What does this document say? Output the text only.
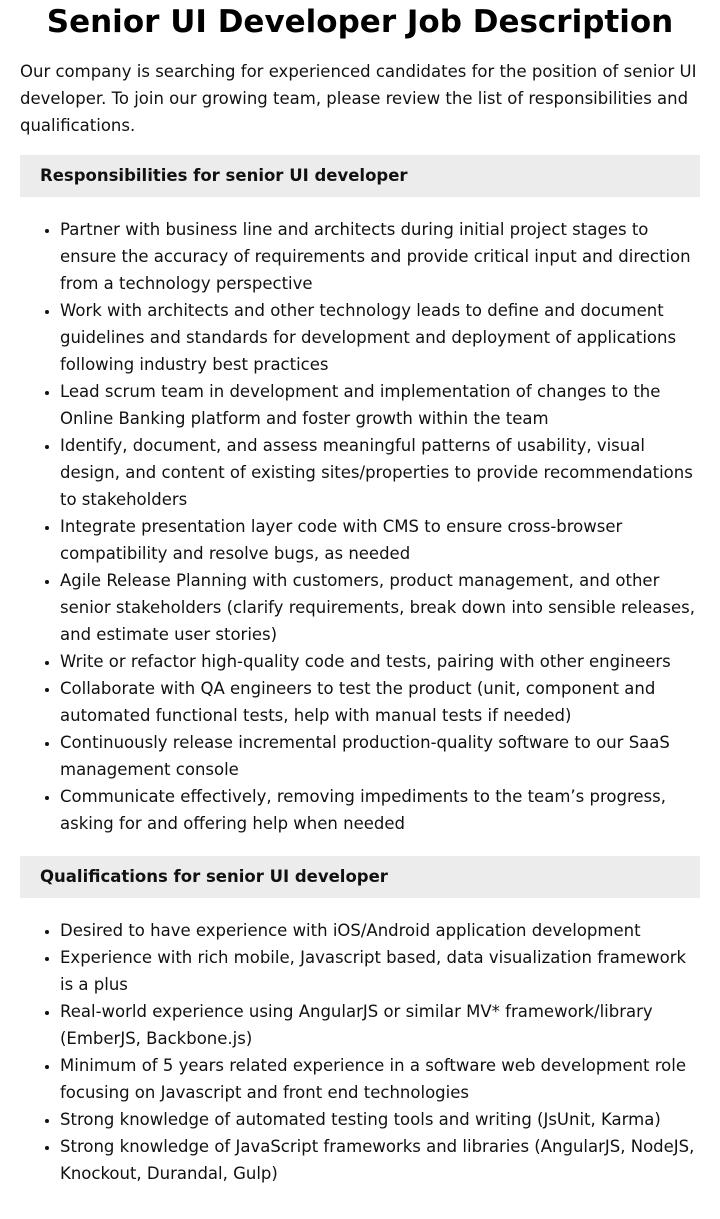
Senior UI Developer Job Description

Our company is searching for experienced candidates for the position of senior UI developer. To join our growing team, please review the list of responsibilities and qualifications.

Responsibilities for senior UI developer
• Partner with business line and architects during initial project stages to ensure the accuracy of requirements and provide critical input and direction from a technology perspective
• Work with architects and other technology leads to define and document guidelines and standards for development and deployment of applications following industry best practices
• Lead scrum team in development and implementation of changes to the Online Banking platform and foster growth within the team
• Identify, document, and assess meaningful patterns of usability, visual design, and content of existing sites/properties to provide recommendations to stakeholders
• Integrate presentation layer code with CMS to ensure cross-browser compatibility and resolve bugs, as needed
• Agile Release Planning with customers, product management, and other senior stakeholders (clarify requirements, break down into sensible releases, and estimate user stories)
• Write or refactor high-quality code and tests, pairing with other engineers
• Collaborate with QA engineers to test the product (unit, component and automated functional tests, help with manual tests if needed)
• Continuously release incremental production-quality software to our SaaS management console
• Communicate effectively, removing impediments to the team’s progress, asking for and offering help when needed
Qualifications for senior UI developer
• Desired to have experience with iOS/Android application development
• Experience with rich mobile, Javascript based, data visualization framework is a plus
• Real-world experience using AngularJS or similar MV* framework/library (EmberJS, Backbone.js)
• Minimum of 5 years related experience in a software web development role focusing on Javascript and front end technologies
• Strong knowledge of automated testing tools and writing (JsUnit, Karma)
• Strong knowledge of JavaScript frameworks and libraries (AngularJS, NodeJS, Knockout, Durandal, Gulp)
